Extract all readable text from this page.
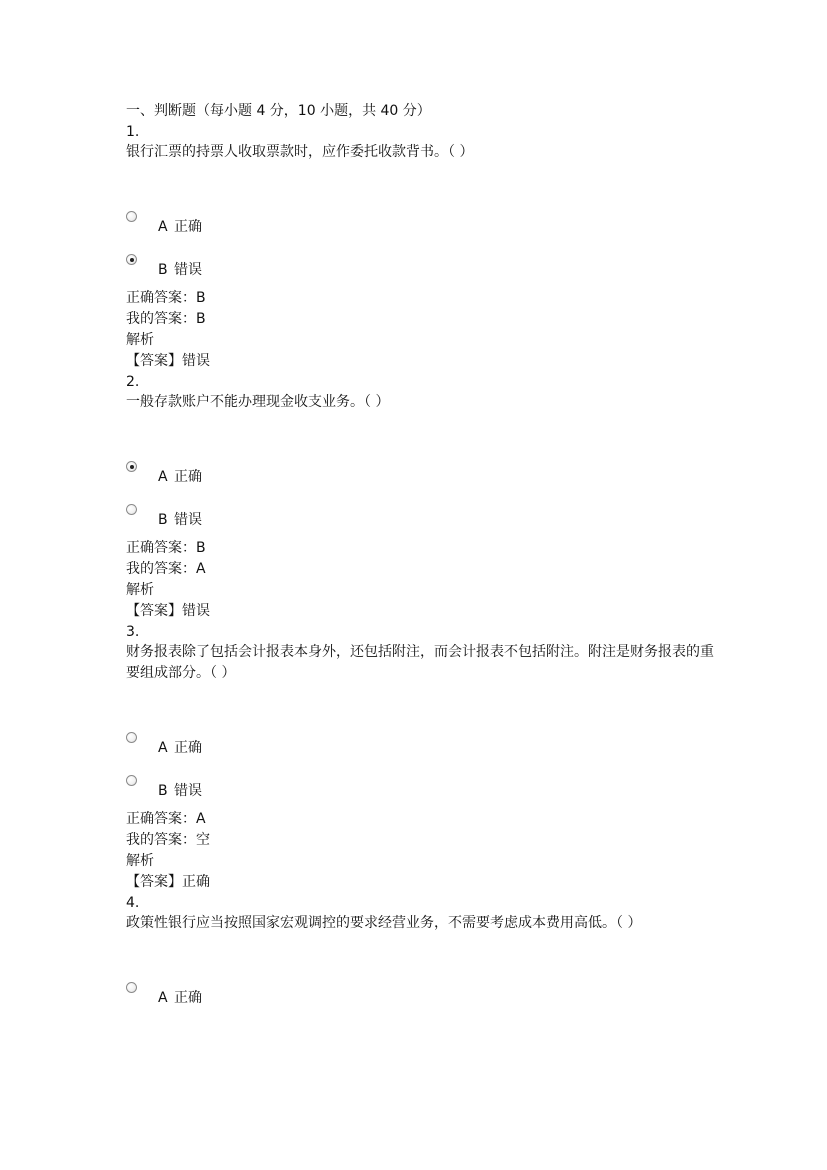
一、判断题（每小题 4 分，10 小题，共 40 分）
1.
银行汇票的持票人收取票款时，应作委托收款背书。（ ）
A 正确
B 错误
正确答案：B
我的答案：B
解析
【答案】错误
2.
一般存款账户不能办理现金收支业务。（ ）
A 正确
B 错误
正确答案：B
我的答案：A
解析
【答案】错误
3.
财务报表除了包括会计报表本身外，还包括附注，而会计报表不包括附注。附注是财务报表的重要组成部分。（ ）
A 正确
B 错误
正确答案：A
我的答案：空
解析
【答案】正确
4.
政策性银行应当按照国家宏观调控的要求经营业务，不需要考虑成本费用高低。（ ）
A 正确
